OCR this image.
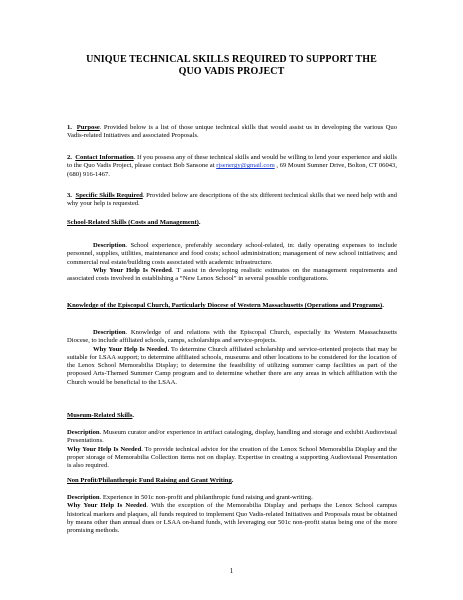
UNIQUE TECHNICAL SKILLS REQUIRED TO SUPPORT THE
QUO VADIS PROJECT

1. Purpose. Provided below is a list of those unique technical skills that would assist us in developing the various Quo Vadis-related Initiatives and associated Proposals.

2. Contact Information. If you possess any of these technical skills and would be willing to lend your experience and skills to the Quo Vadis Project, please contact Bob Sansone at rjsenergy@gmail.com , 69 Mount Sumner Drive, Bolton, CT 06043, (680) 916-1467.

3. Specific Skills Required. Provided below are descriptions of the six different technical skills that we need help with and why your help is requested.

School-Related Skills (Costs and Management).

Description. School experience, preferably secondary school-related, in: daily operating expenses to include personnel, supplies, utilities, maintenance and food costs; school administration; management of new school initiatives; and commercial real estate/building costs associated with academic infrastructure.

Why Your Help Is Needed. T assist in developing realistic estimates on the management requirements and associated costs involved in establishing a “New Lenox School” in several possible configurations.

Knowledge of the Episcopal Church, Particularly Diocese of Western Massachusetts (Operations and Programs).

Description. Knowledge of and relations with the Episcopal Church, especially its Western Massachusetts Diocese, to include affiliated schools, camps, scholarships and service-projects.

Why Your Help Is Needed. To determine Church affiliated scholarship and service-oriented projects that may be suitable for LSAA support; to determine affiliated schools, museums and other locations to be considered for the location of the Lenox School Memorabilia Display; to determine the feasibility of utilizing summer camp facilities as part of the proposed Arts-Themed Summer Camp program and to determine whether there are any areas in which affiliation with the Church would be beneficial to the LSAA.

Museum-Related Skills.

Description. Museum curator and/or experience in artifact cataloging, display, handling and storage and exhibit Audiovisual Presentations.

Why Your Help Is Needed. To provide technical advice for the creation of the Lenox School Memorabilia Display and the proper storage of Memorabilia Collection items not on display. Expertise in creating a supporting Audiovisual Presentation is also required.

Non Profit/Philanthropic Fund Raising and Grant Writing.

Description. Experience in 501c non-profit and philanthropic fund raising and grant-writing.

Why Your Help Is Needed. With the exception of the Memorabilia Display and perhaps the Lenox School campus historical markers and plaques, all funds required to implement Quo Vadis-related Initiatives and Proposals must be obtained by means other than annual dues or LSAA on-hand funds, with leveraging our 501c non-profit status being one of the more promising methods.

1
